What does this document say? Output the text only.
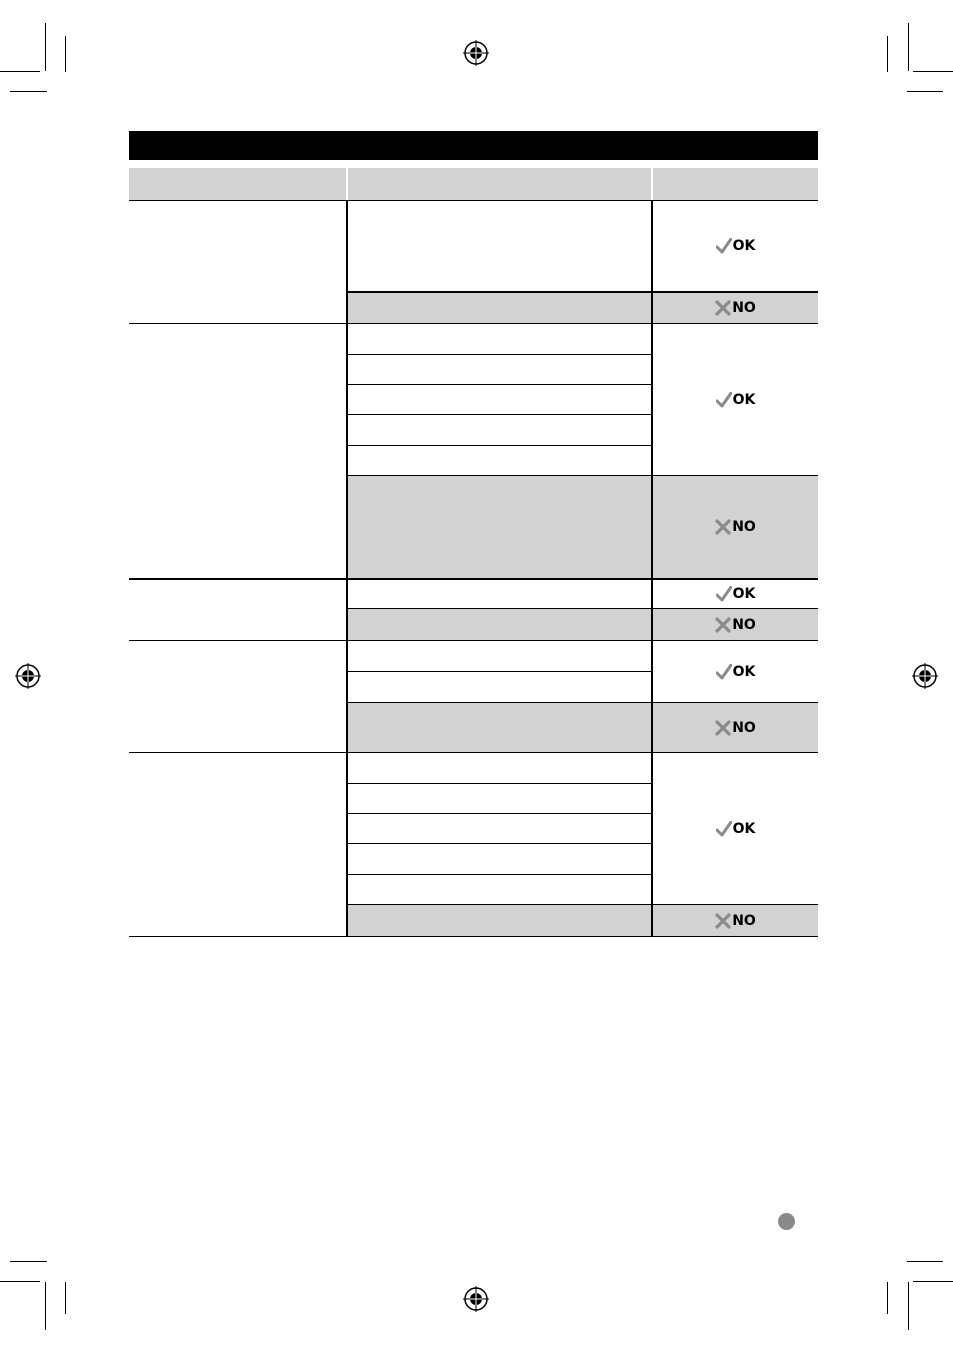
OK
NO
OK
NO
OK
NO
OK
NO
OK
NO
